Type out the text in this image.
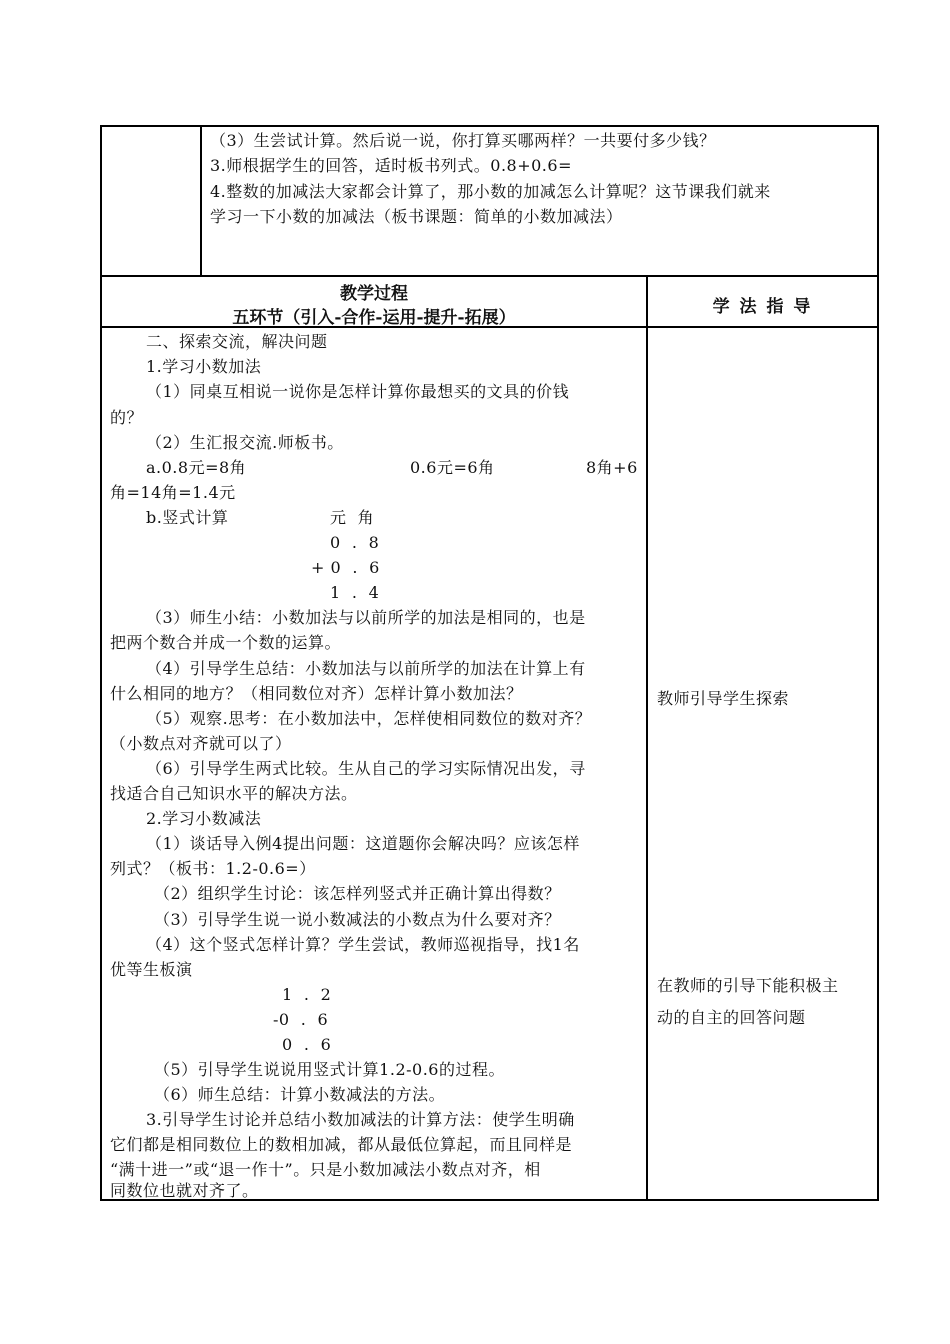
（3）生尝试计算。然后说一说，你打算买哪两样？一共要付多少钱？
3.师根据学生的回答，适时板书列式。0.8+0.6=
4.整数的加减法大家都会计算了，那小数的加减怎么计算呢？这节课我们就来
学习一下小数的加减法（板书课题：简单的小数加减法）
教学过程
五环节（引入-合作-运用-提升-拓展）
学 法 指 导
二、探索交流，解决问题
1.学习小数加法
（1）同桌互相说一说你是怎样计算你最想买的文具的价钱
的？
（2）生汇报交流.师板书。
a.0.8元=8角	0.6元=6角	8角+6
角=14角=1.4元
b.竖式计算	元  角
0  .  8
+ 0  .  6
1  .  4
（3）师生小结：小数加法与以前所学的加法是相同的，也是
把两个数合并成一个数的运算。
（4）引导学生总结：小数加法与以前所学的加法在计算上有
什么相同的地方？（相同数位对齐）怎样计算小数加法？
（5）观察.思考：在小数加法中，怎样使相同数位的数对齐？
（小数点对齐就可以了）
（6）引导学生两式比较。生从自己的学习实际情况出发，寻
找适合自己知识水平的解决方法。
2.学习小数减法
（1）谈话导入例4提出问题：这道题你会解决吗？应该怎样
列式？（板书：1.2-0.6=）
（2）组织学生讨论：该怎样列竖式并正确计算出得数？
（3）引导学生说一说小数减法的小数点为什么要对齐？
（4）这个竖式怎样计算？学生尝试，教师巡视指导，找1名
优等生板演
1  .  2
-0  .  6
0  .  6
（5）引导学生说说用竖式计算1.2-0.6的过程。
（6）师生总结：计算小数减法的方法。
3.引导学生讨论并总结小数加减法的计算方法：使学生明确
它们都是相同数位上的数相加减，都从最低位算起，而且同样是
“满十进一”或“退一作十”。只是小数加减法小数点对齐，相
同数位也就对齐了。
教师引导学生探索
在教师的引导下能积极主
动的自主的回答问题
